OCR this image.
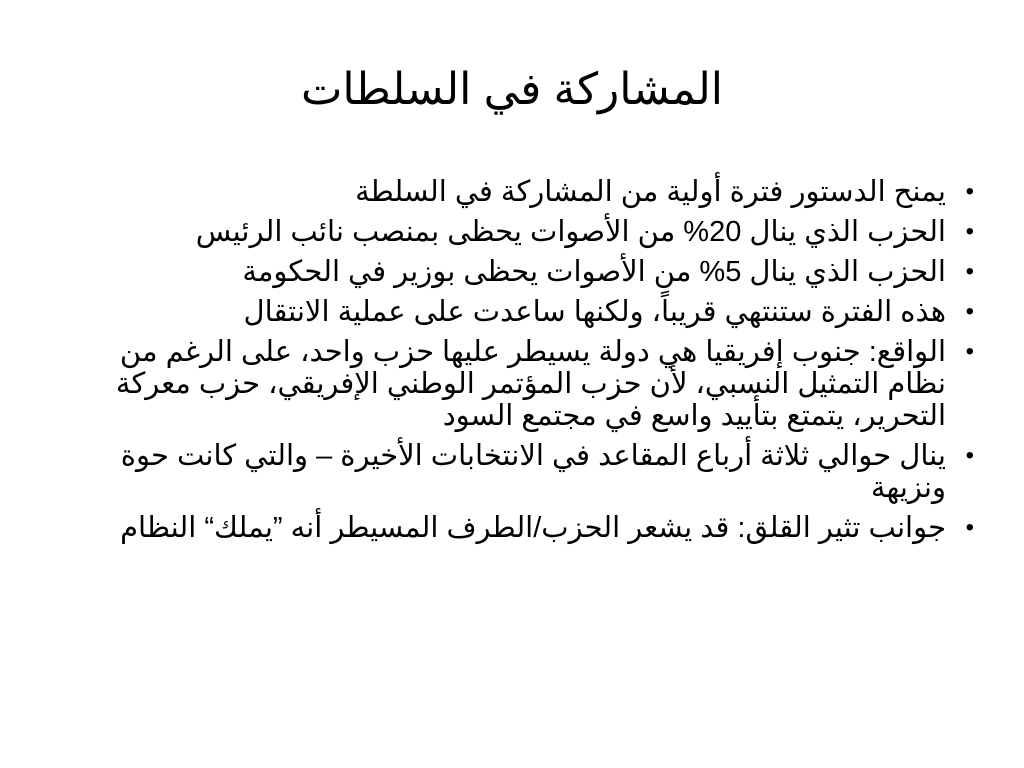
المشاركة في السلطات
•
يمنح الدستور فترة أولية من المشاركة في السلطة
•
الحزب الذي ينال 20% من الأصوات يحظى بمنصب نائب الرئيس
•
الحزب الذي ينال 5% من الأصوات يحظى بوزير في الحكومة
•
هذه الفترة ستنتهي قريباً، ولكنها ساعدت على عملية الانتقال
•
الواقع: جنوب إفريقيا هي دولة يسيطر عليها حزب واحد، على الرغم من نظام التمثيل النسبي، لأن حزب المؤتمر الوطني الإفريقي، حزب معركة التحرير، يتمتع بتأييد واسع في مجتمع السود
•
ينال حوالي ثلاثة أرباع المقاعد في الانتخابات الأخيرة – والتي كانت حوة ونزيهة
•
جوانب تثير القلق: قد يشعر الحزب/الطرف المسيطر أنه ”يملك“ النظام
